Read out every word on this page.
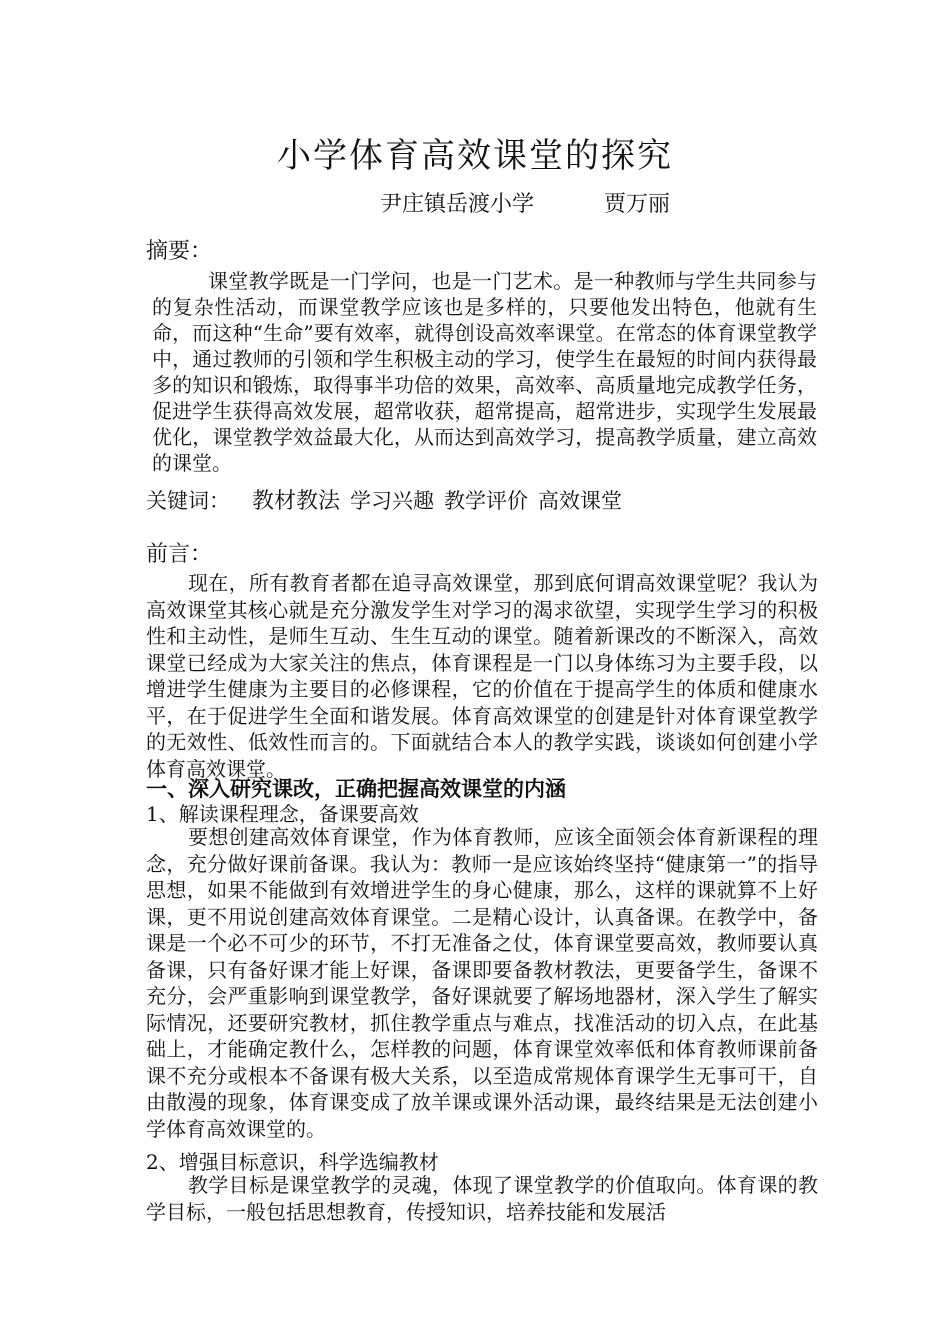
小学体育高效课堂的探究
尹庄镇岳渡小学	贾万丽
摘要：
课堂教学既是一门学问，也是一门艺术。是一种教师与学生共同参与的复杂性活动，而课堂教学应该也是多样的，只要他发出特色，他就有生命，而这种“生命”要有效率，就得创设高效率课堂。在常态的体育课堂教学中，通过教师的引领和学生积极主动的学习，使学生在最短的时间内获得最多的知识和锻炼，取得事半功倍的效果，高效率、高质量地完成教学任务，促进学生获得高效发展，超常收获，超常提高，超常进步，实现学生发展最优化，课堂教学效益最大化，从而达到高效学习，提高教学质量，建立高效的课堂。
关键词： 教材教法 学习兴趣 教学评价 高效课堂
前言：
现在，所有教育者都在追寻高效课堂，那到底何谓高效课堂呢？我认为高效课堂其核心就是充分激发学生对学习的渴求欲望，实现学生学习的积极性和主动性，是师生互动、生生互动的课堂。随着新课改的不断深入，高效课堂已经成为大家关注的焦点，体育课程是一门以身体练习为主要手段，以增进学生健康为主要目的必修课程，它的价值在于提高学生的体质和健康水平，在于促进学生全面和谐发展。体育高效课堂的创建是针对体育课堂教学的无效性、低效性而言的。下面就结合本人的教学实践，谈谈如何创建小学体育高效课堂。
一、深入研究课改，正确把握高效课堂的内涵
1、解读课程理念，备课要高效
要想创建高效体育课堂，作为体育教师，应该全面领会体育新课程的理念，充分做好课前备课。我认为：教师一是应该始终坚持“健康第一”的指导思想，如果不能做到有效增进学生的身心健康，那么，这样的课就算不上好课，更不用说创建高效体育课堂。二是精心设计，认真备课。在教学中，备课是一个必不可少的环节，不打无准备之仗，体育课堂要高效，教师要认真备课，只有备好课才能上好课，备课即要备教材教法，更要备学生，备课不充分，会严重影响到课堂教学，备好课就要了解场地器材，深入学生了解实际情况，还要研究教材，抓住教学重点与难点，找准活动的切入点，在此基础上，才能确定教什么，怎样教的问题，体育课堂效率低和体育教师课前备课不充分或根本不备课有极大关系，以至造成常规体育课学生无事可干，自由散漫的现象，体育课变成了放羊课或课外活动课，最终结果是无法创建小学体育高效课堂的。
2、增强目标意识，科学选编教材
教学目标是课堂教学的灵魂，体现了课堂教学的价值取向。体育课的教学目标，一般包括思想教育，传授知识，培养技能和发展活
